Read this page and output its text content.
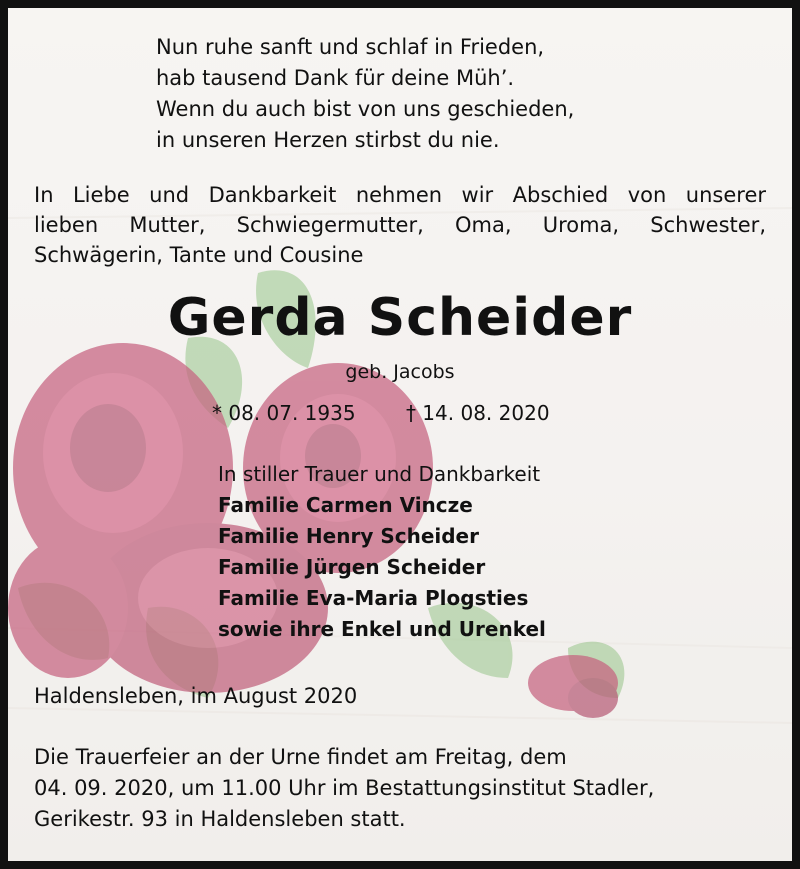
Nun ruhe sanft und schlaf in Frieden,
hab tausend Dank für deine Müh’.
Wenn du auch bist von uns geschieden,
in unseren Herzen stirbst du nie.
In Liebe und Dankbarkeit nehmen wir Abschied von unserer
lieben Mutter, Schwiegermutter, Oma, Uroma, Schwester,
Schwägerin, Tante und Cousine
Gerda Scheider
geb. Jacobs
* 08. 07. 1935	† 14. 08. 2020
In stiller Trauer und Dankbarkeit
Familie Carmen Vincze
Familie Henry Scheider
Familie Jürgen Scheider
Familie Eva-Maria Plogsties
sowie ihre Enkel und Urenkel
Haldensleben, im August 2020
Die Trauerfeier an der Urne findet am Freitag, dem
04. 09. 2020, um 11.00 Uhr im Bestattungsinstitut Stadler,
Gerikestr. 93 in Haldensleben statt.
